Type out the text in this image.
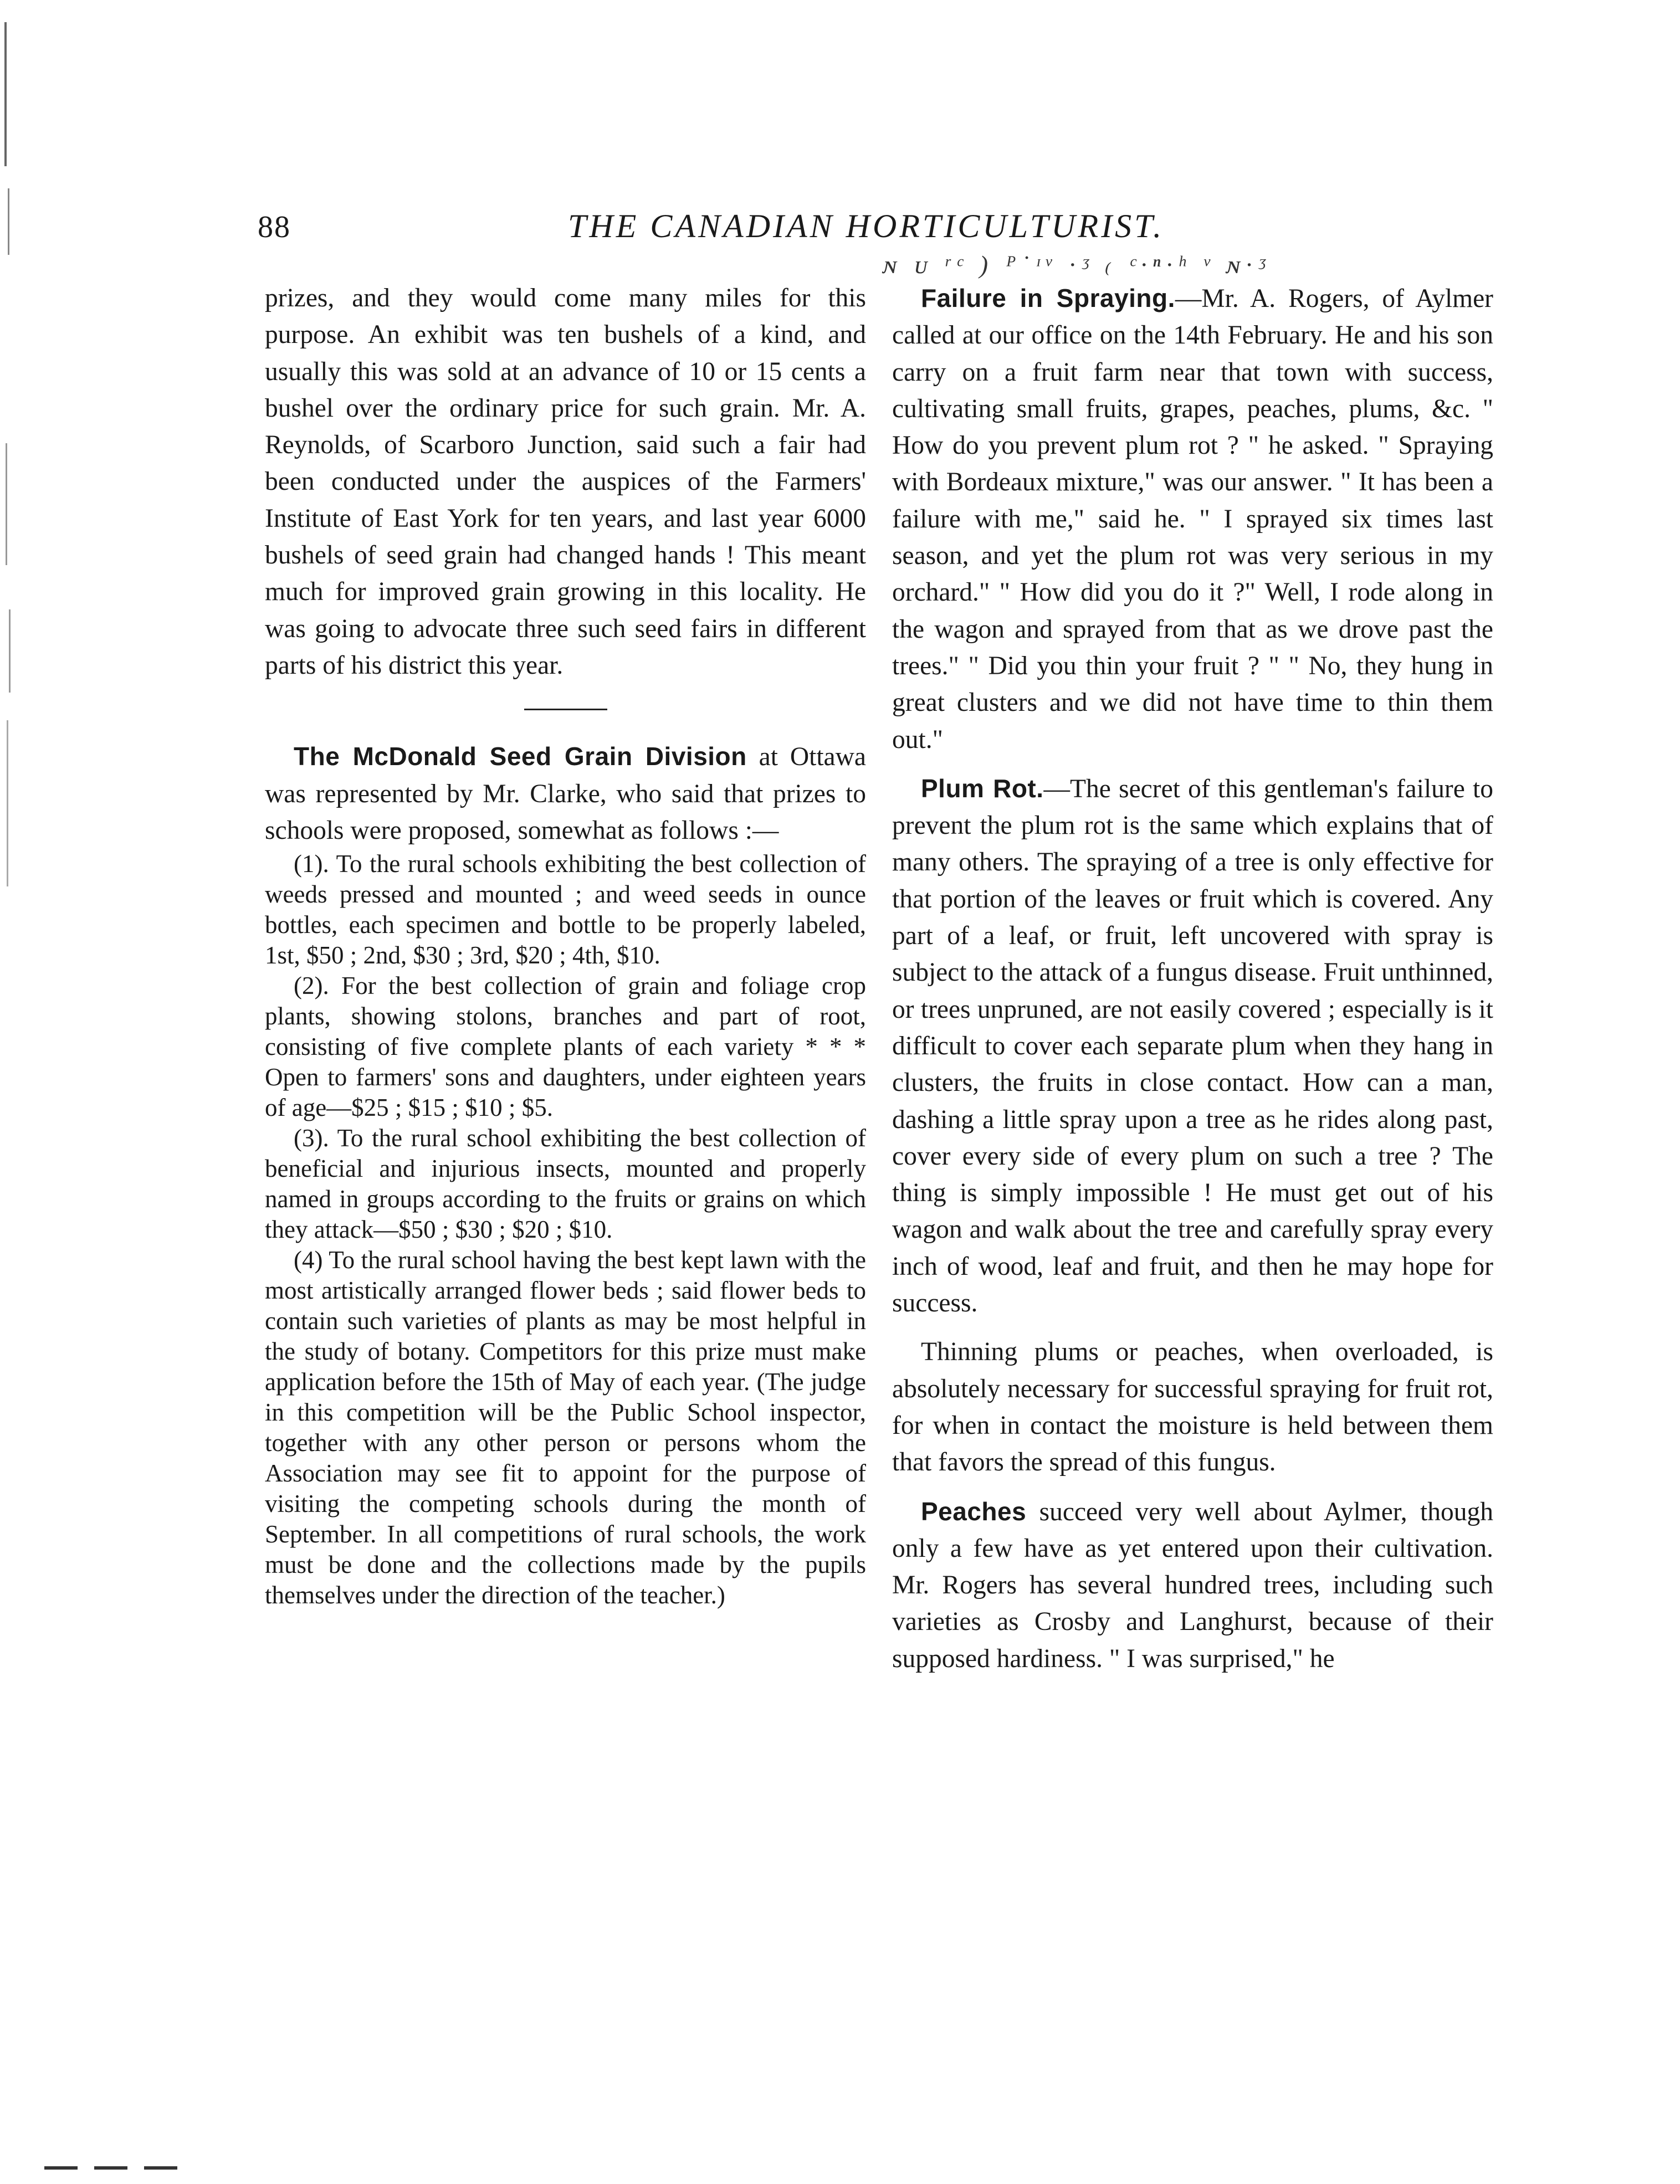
88	THE CANADIAN HORTICULTURIST.
ɴ ᴜ ʳᶜ ) ᴾ˙ᶦᵛ ·ᶾ ₍ ᶜ·ⁿ·ʰ ᵛ ɴ·ᶾ

prizes, and they would come many miles for this purpose. An exhibit was ten bushels of a kind, and usually this was sold at an advance of 10 or 15 cents a bushel over the ordinary price for such grain. Mr. A. Reynolds, of Scarboro Junction, said such a fair had been conducted under the auspices of the Farmers' Institute of East York for ten years, and last year 6000 bushels of seed grain had changed hands ! This meant much for improved grain growing in this locality. He was going to advocate three such seed fairs in different parts of his district this year.

The McDonald Seed Grain Division at Ottawa was represented by Mr. Clarke, who said that prizes to schools were proposed, somewhat as follows :—

(1). To the rural schools exhibiting the best collection of weeds pressed and mounted ; and weed seeds in ounce bottles, each specimen and bottle to be properly labeled, 1st, $50 ; 2nd, $30 ; 3rd, $20 ; 4th, $10.

(2). For the best collection of grain and foliage crop plants, showing stolons, branches and part of root, consisting of five complete plants of each variety * * * Open to farmers' sons and daughters, under eighteen years of age—$25 ; $15 ; $10 ; $5.

(3). To the rural school exhibiting the best collection of beneficial and injurious insects, mounted and properly named in groups according to the fruits or grains on which they attack—$50 ; $30 ; $20 ; $10.

(4) To the rural school having the best kept lawn with the most artistically arranged flower beds ; said flower beds to contain such varieties of plants as may be most helpful in the study of botany. Competitors for this prize must make application before the 15th of May of each year. (The judge in this competition will be the Public School inspector, together with any other person or persons whom the Association may see fit to appoint for the purpose of visiting the competing schools during the month of September. In all competitions of rural schools, the work must be done and the collections made by the pupils themselves under the direction of the teacher.)

Failure in Spraying.—Mr. A. Rogers, of Aylmer called at our office on the 14th February. He and his son carry on a fruit farm near that town with success, cultivating small fruits, grapes, peaches, plums, &c. " How do you prevent plum rot ? " he asked. " Spraying with Bordeaux mixture," was our answer. " It has been a failure with me," said he. " I sprayed six times last season, and yet the plum rot was very serious in my orchard." " How did you do it ?" Well, I rode along in the wagon and sprayed from that as we drove past the trees." " Did you thin your fruit ? " " No, they hung in great clusters and we did not have time to thin them out."

Plum Rot.—The secret of this gentleman's failure to prevent the plum rot is the same which explains that of many others. The spraying of a tree is only effective for that portion of the leaves or fruit which is covered. Any part of a leaf, or fruit, left uncovered with spray is subject to the attack of a fungus disease. Fruit unthinned, or trees unpruned, are not easily covered ; especially is it difficult to cover each separate plum when they hang in clusters, the fruits in close contact. How can a man, dashing a little spray upon a tree as he rides along past, cover every side of every plum on such a tree ? The thing is simply impossible ! He must get out of his wagon and walk about the tree and carefully spray every inch of wood, leaf and fruit, and then he may hope for success.

Thinning plums or peaches, when overloaded, is absolutely necessary for successful spraying for fruit rot, for when in contact the moisture is held between them that favors the spread of this fungus.

Peaches succeed very well about Aylmer, though only a few have as yet entered upon their cultivation. Mr. Rogers has several hundred trees, including such varieties as Crosby and Langhurst, because of their supposed hardiness. " I was surprised," he
